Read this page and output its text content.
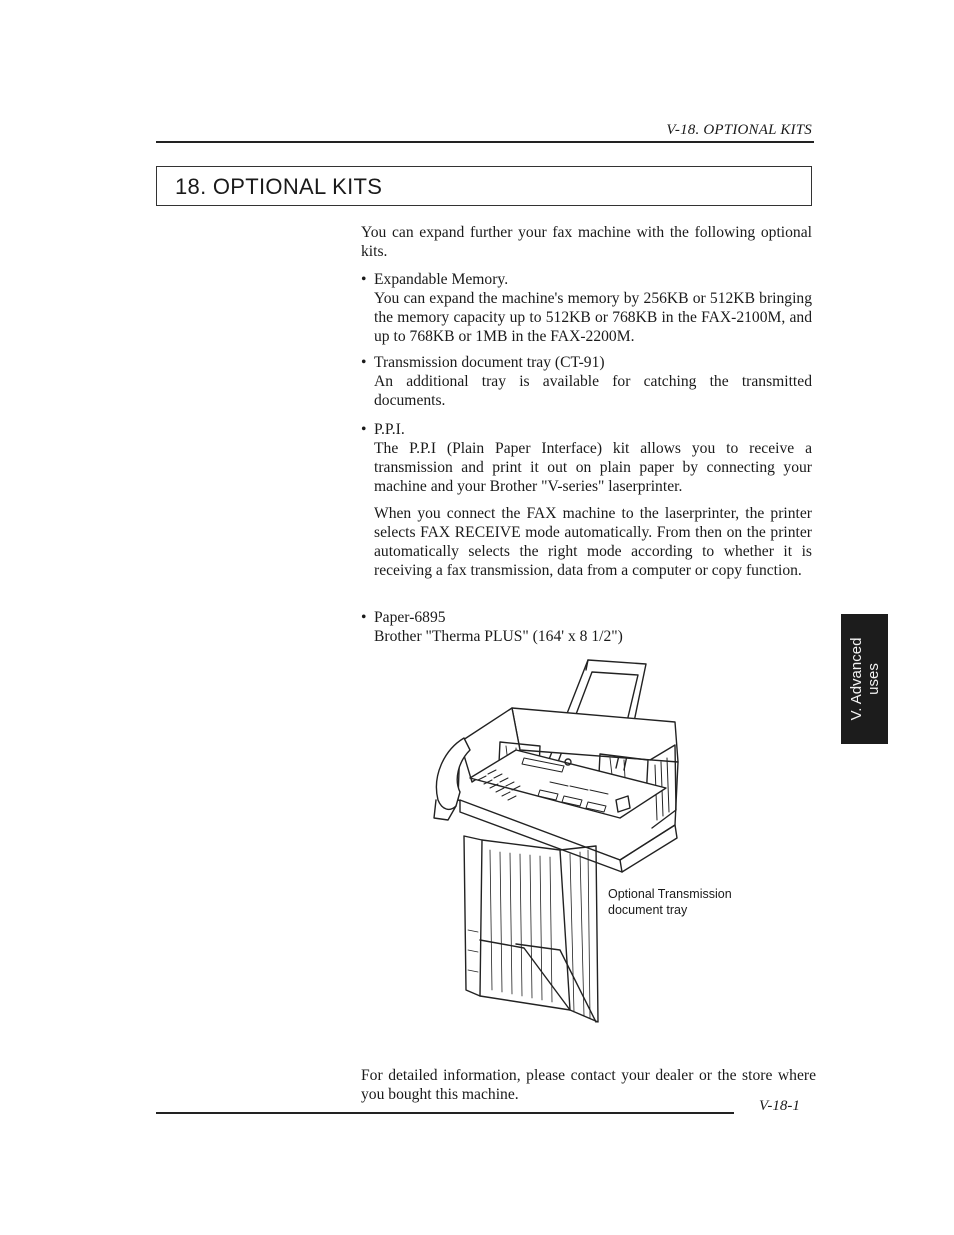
V-18. OPTIONAL KITS
18. OPTIONAL KITS

You can expand further your fax machine with the following optional kits.

• Expandable Memory.

You can expand the machine's memory by 256KB or 512KB bringing the memory capacity up to 512KB or 768KB in the FAX-2100M, and up to 768KB or 1MB in the FAX-2200M.

• Transmission document tray (CT-91)

An additional tray is available for catching the transmitted documents.

• P.P.I.

The P.P.I (Plain Paper Interface) kit allows you to receive a transmission and print it out on plain paper by connecting your machine and your Brother "V-series" laserprinter.

When you connect the FAX machine to the laserprinter, the printer selects FAX RECEIVE mode automatically. From then on the printer automatically selects the right mode according to whether it is receiving a fax transmission, data from a computer or copy function.

• Paper-6895

Brother "Therma PLUS" (164' x 8 1/2")

V. Advanced uses
Optional Transmission
document tray

For detailed information, please contact your dealer or the store where you bought this machine.

V-18-1
